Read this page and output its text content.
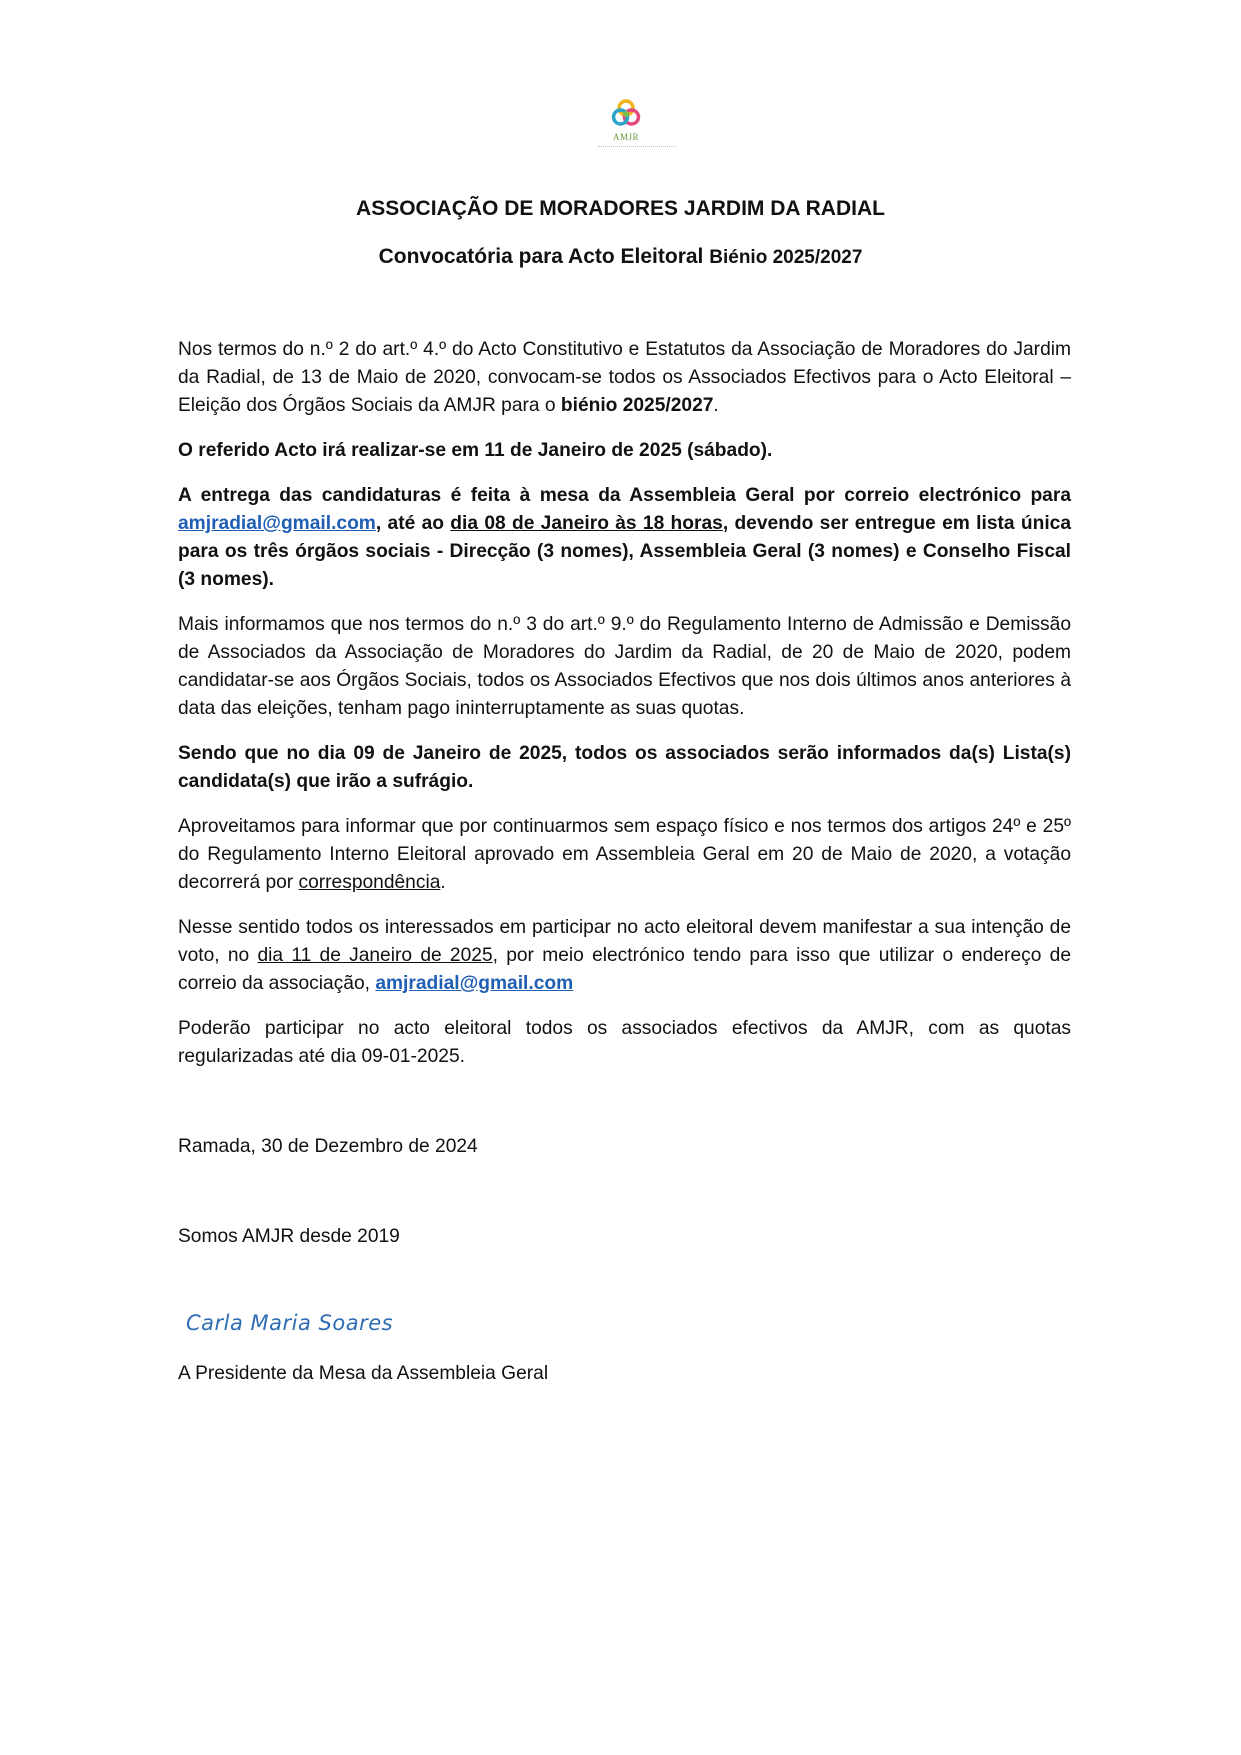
AMJR
ASSOCIAÇÃO DE MORADORES JARDIM DA RADIAL
Convocatória para Acto Eleitoral Biénio 2025/2027

Nos termos do n.º 2 do art.º 4.º do Acto Constitutivo e Estatutos da Associação de Moradores do Jardim da Radial, de 13 de Maio de 2020, convocam-se todos os Associados Efectivos para o Acto Eleitoral – Eleição dos Órgãos Sociais da AMJR para o biénio 2025/2027.

O referido Acto irá realizar-se em 11 de Janeiro de 2025 (sábado).

A entrega das candidaturas é feita à mesa da Assembleia Geral por correio electrónico para amjradial@gmail.com, até ao dia 08 de Janeiro às 18 horas, devendo ser entregue em lista única para os três órgãos sociais - Direcção (3 nomes), Assembleia Geral (3 nomes) e Conselho Fiscal (3 nomes).

Mais informamos que nos termos do n.º 3 do art.º 9.º do Regulamento Interno de Admissão e Demissão de Associados da Associação de Moradores do Jardim da Radial, de 20 de Maio de 2020, podem candidatar-se aos Órgãos Sociais, todos os Associados Efectivos que nos dois últimos anos anteriores à data das eleições, tenham pago ininterruptamente as suas quotas.

Sendo que no dia 09 de Janeiro de 2025, todos os associados serão informados da(s) Lista(s) candidata(s) que irão a sufrágio.

Aproveitamos para informar que por continuarmos sem espaço físico e nos termos dos artigos 24º e 25º do Regulamento Interno Eleitoral aprovado em Assembleia Geral em 20 de Maio de 2020, a votação decorrerá por correspondência.

Nesse sentido todos os interessados em participar no acto eleitoral devem manifestar a sua intenção de voto, no dia 11 de Janeiro de 2025, por meio electrónico tendo para isso que utilizar o endereço de correio da associação, amjradial@gmail.com

Poderão participar no acto eleitoral todos os associados efectivos da AMJR, com as quotas regularizadas até dia 09-01-2025.

Ramada, 30 de Dezembro de 2024
Somos AMJR desde 2019
Carla Maria Soares
A Presidente da Mesa da Assembleia Geral
